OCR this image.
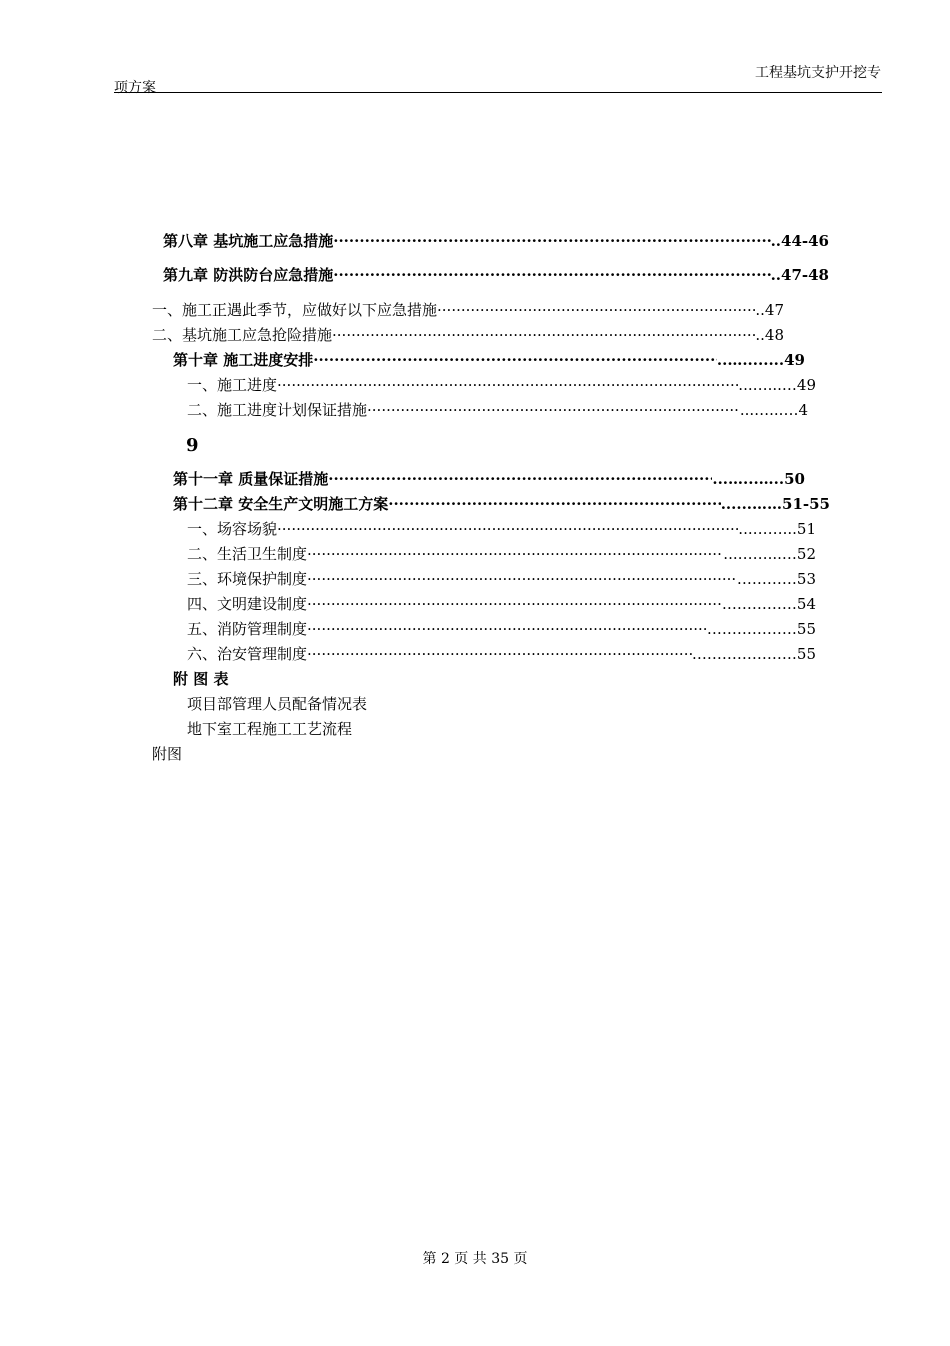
工程基坑支护开挖专
项方案
第八章 基坑施工应急措施 ·····	..44-46
第九章 防洪防台应急措施 ·····	..47-48
一、施工正遇此季节，应做好以下应急措施 ·····	..47
二、基坑施工应急抢险措施 ·····	..48
第十章 施工进度安排 ·····	..…........49
一、施工进度 ·····	...…...…49
二、施工进度计划保证措施 ·····	...…...…4
9
第十一章 质量保证措施 ·····	...…...…..50
第十二章 安全生产文明施工方案 ·····	......……51-55
一、场容场貌 ·····	...……...51
二、生活卫生制度 ·····	...……...…52
三、环境保护制度 ·····	…………53
四、文明建设制度 ·····	……………54
五、消防管理制度 ·····	………………55
六、治安管理制度 ·····	…………………55
附 图 表
项目部管理人员配备情况表
地下室工程施工工艺流程
附图
第 2 页 共 35 页
